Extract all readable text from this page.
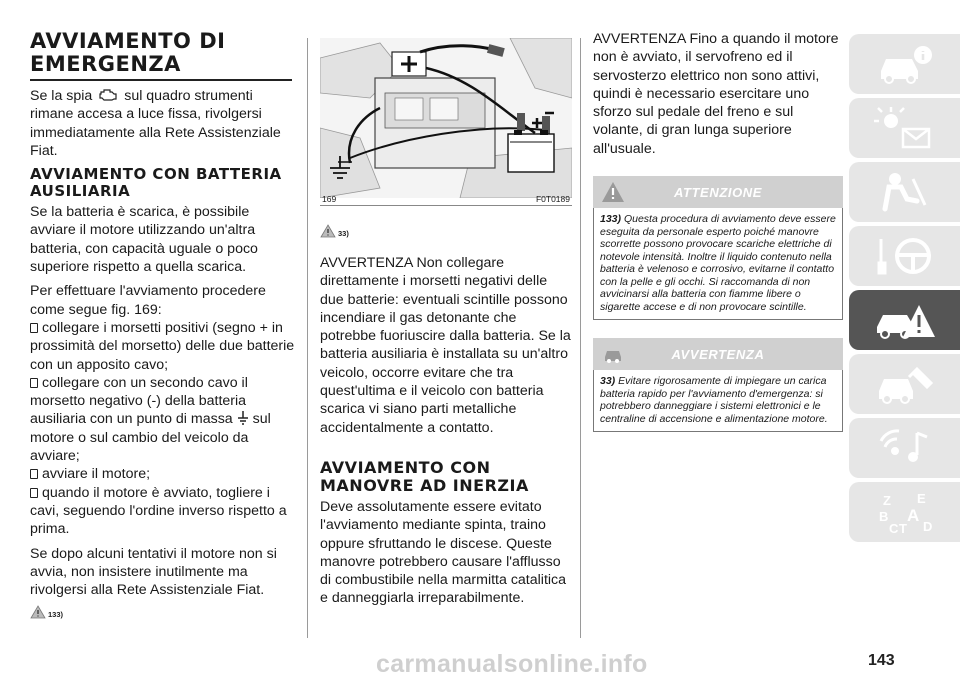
AVVIAMENTO DI EMERGENZA

Se la spia sul quadro strumenti rimane accesa a luce fissa, rivolgersi immediatamente alla Rete Assistenziale Fiat.

AVVIAMENTO CON BATTERIA AUSILIARIA

Se la batteria è scarica, è possibile avviare il motore utilizzando un'altra batteria, con capacità uguale o poco superiore rispetto a quella scarica.

Per effettuare l'avviamento procedere come segue fig. 169:

collegare i morsetti positivi (segno + in prossimità del morsetto) delle due batterie con un apposito cavo;
collegare con un secondo cavo il morsetto negativo (-) della batteria ausiliaria con un punto di massa sul motore o sul cambio del veicolo da avviare;
avviare il motore;
quando il motore è avviato, togliere i cavi, seguendo l'ordine inverso rispetto a prima.

Se dopo alcuni tentativi il motore non si avvia, non insistere inutilmente ma rivolgersi alla Rete Assistenziale Fiat.

133)
169	F0T0189
33)

AVVERTENZA Non collegare direttamente i morsetti negativi delle due batterie: eventuali scintille possono incendiare il gas detonante che potrebbe fuoriuscire dalla batteria. Se la batteria ausiliaria è installata su un'altro veicolo, occorre evitare che tra quest'ultima e il veicolo con batteria scarica vi siano parti metalliche accidentalmente a contatto.

AVVIAMENTO CON MANOVRE AD INERZIA

Deve assolutamente essere evitato l'avviamento mediante spinta, traino oppure sfruttando le discese. Queste manovre potrebbero causare l'afflusso di combustibile nella marmitta catalitica e danneggiarla irreparabilmente.

AVVERTENZA Fino a quando il motore non è avviato, il servofreno ed il servosterzo elettrico non sono attivi, quindi è necessario esercitare uno sforzo sul pedale del freno e sul volante, di gran lunga superiore all'usuale.

ATTENZIONE
133) Questa procedura di avviamento deve essere eseguita da personale esperto poiché manovre scorrette possono provocare scariche elettriche di notevole intensità. Inoltre il liquido contenuto nella batteria è velenoso e corrosivo, evitarne il contatto con la pelle e gli occhi. Si raccomanda di non avvicinarsi alla batteria con fiamme libere o sigarette accese e di non provocare scintille.
AVVERTENZA
33) Evitare rigorosamente di impiegare un carica batteria rapido per l'avviamento d'emergenza: si potrebbero danneggiare i sistemi elettronici e le centraline di accensione e alimentazione motore.
Z E
B A
C T D
143
carmanualsonline.info
